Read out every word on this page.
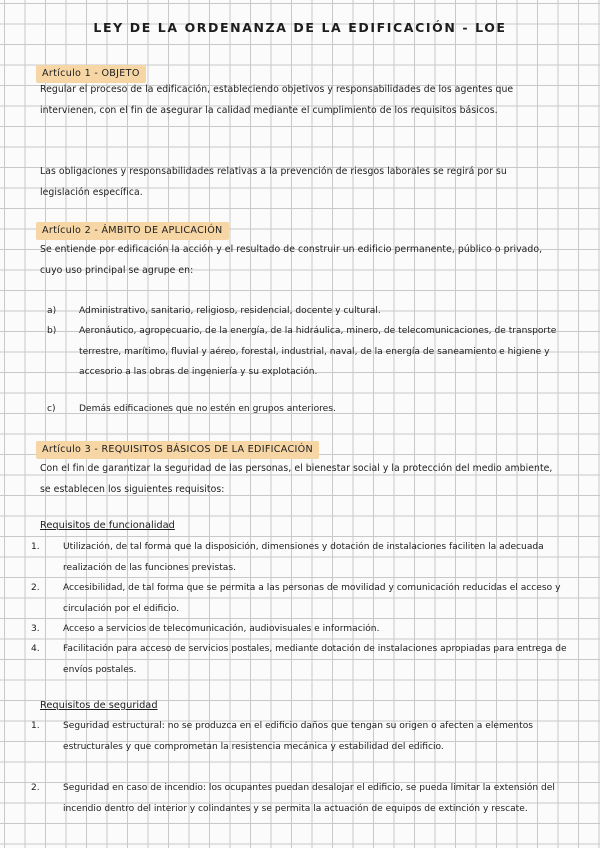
LEY DE LA ORDENANZA DE LA EDIFICACIÓN - LOE
Artículo 1 - OBJETO
Regular el proceso de la edificación, estableciendo objetivos y responsabilidades de los agentes que intervienen, con el fin de asegurar la calidad mediante el cumplimiento de los requisitos básicos.
Las obligaciones y responsabilidades relativas a la prevención de riesgos laborales se regirá por su legislación específica.
Artículo 2 - ÁMBITO DE APLICACIÓN
Se entiende por edificación la acción y el resultado de construir un edificio permanente, público o privado, cuyo uso principal se agrupe en:
a)	Administrativo, sanitario, religioso, residencial, docente y cultural.
b) Aeronáutico, agropecuario, de la energía, de la hidráulica, minero, de telecomunicaciones, de transporte terrestre, marítimo, fluvial y aéreo, forestal, industrial, naval, de la energía de saneamiento e higiene y accesorio a las obras de ingeniería y su explotación.
c)	Demás edificaciones que no estén en grupos anteriores.
Artículo 3 - REQUISITOS BÁSICOS DE LA EDIFICACIÓN
Con el fin de garantizar la seguridad de las personas, el bienestar social y la protección del medio ambiente, se establecen los siguientes requisitos:
Requisitos de funcionalidad
1.	Utilización, de tal forma que la disposición, dimensiones y dotación de instalaciones faciliten la adecuada realización de las funciones previstas.
2.	Accesibilidad, de tal forma que se permita a las personas de movilidad y comunicación reducidas el acceso y circulación por el edificio.
3.	Acceso a servicios de telecomunicación, audiovisuales e información.
4.	Facilitación para acceso de servicios postales, mediante dotación de instalaciones apropiadas para entrega de envíos postales.
Requisitos de seguridad
1.	Seguridad estructural: no se produzca en el edificio daños que tengan su origen o afecten a elementos estructurales y que comprometan la resistencia mecánica y estabilidad del edificio.
2.	Seguridad en caso de incendio: los ocupantes puedan desalojar el edificio, se pueda limitar la extensión del incendio dentro del interior y colindantes y se permita la actuación de equipos de extinción y rescate.
